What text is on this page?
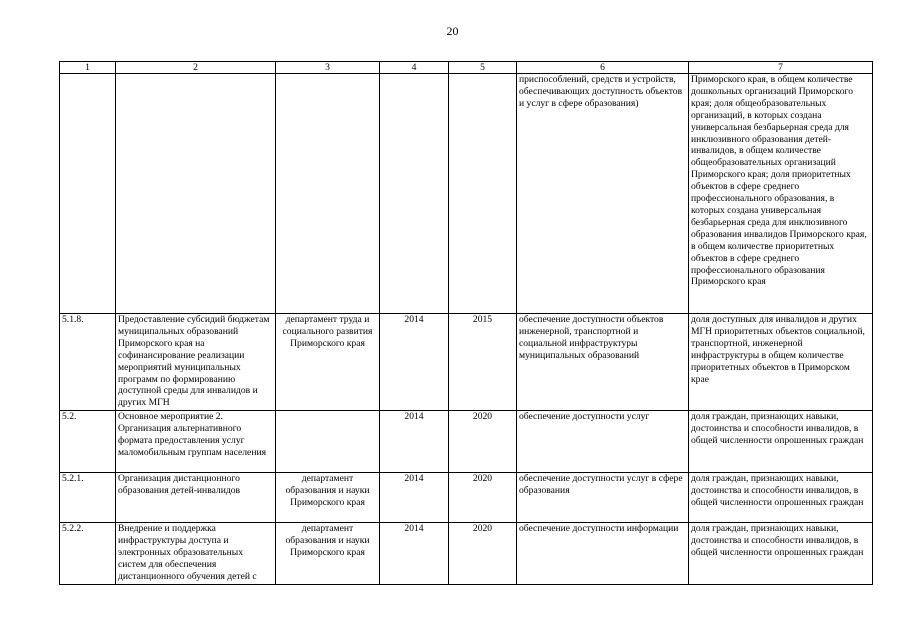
20
1	2	3	4	5	6	7
					приспособлений, средств и устройств, обеспечивающих доступность объектов и услуг в сфере образования)	Приморского края, в общем количестве дошкольных организаций Приморского края; доля общеобразовательных организаций, в которых создана универсальная безбарьерная среда для инклюзивного образования детей-инвалидов, в общем количестве общеобразовательных организаций Приморского края; доля приоритетных объектов в сфере среднего профессионального образования, в которых создана универсальная безбарьерная среда для инклюзивного образования инвалидов Приморского края, в общем количестве приоритетных объектов в сфере среднего профессионального образования Приморского края
5.1.8.	Предоставление субсидий бюджетам муниципальных образований Приморского края на софинансирование реализации мероприятий муниципальных программ по формированию доступной среды для инвалидов и других МГН	департамент труда и социального развития Приморского края	2014	2015	обеспечение доступности объектов инженерной, транспортной и социальной инфраструктуры муниципальных образований	доля доступных для инвалидов и других МГН приоритетных объектов социальной, транспортной, инженерной инфраструктуры в общем количестве приоритетных объектов в Приморском крае
5.2.	Основное мероприятие 2. Организация альтернативного формата предоставления услуг маломобильным группам населения		2014	2020	обеспечение доступности услуг	доля граждан, признающих навыки, достоинства и способности инвалидов, в общей численности опрошенных граждан
5.2.1.	Организация дистанционного образования детей-инвалидов	департамент образования и науки Приморского края	2014	2020	обеспечение доступности услуг в сфере образования	доля граждан, признающих навыки, достоинства и способности инвалидов, в общей численности опрошенных граждан
5.2.2.	Внедрение и поддержка инфраструктуры доступа и электронных образовательных систем для обеспечения дистанционного обучения детей с	департамент образования и науки Приморского края	2014	2020	обеспечение доступности информации	доля граждан, признающих навыки, достоинства и способности инвалидов, в общей численности опрошенных граждан
